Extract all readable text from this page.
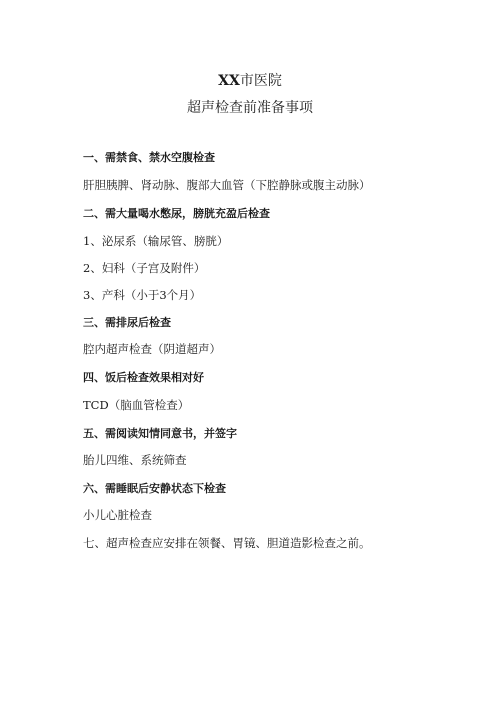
XX市医院
超声检查前准备事项
一、需禁食、禁水空腹检查
肝胆胰脾、肾动脉、腹部大血管（下腔静脉或腹主动脉）
二、需大量喝水憋尿，膀胱充盈后检查
1、泌尿系（输尿管、膀胱）
2、妇科（子宫及附件）
3、产科（小于3个月）
三、需排尿后检查
腔内超声检查（阴道超声）
四、饭后检查效果相对好
TCD（脑血管检查）
五、需阅读知情同意书，并签字
胎儿四维、系统筛查
六、需睡眠后安静状态下检查
小儿心脏检查
七、超声检查应安排在领餐、胃镜、胆道造影检查之前。
